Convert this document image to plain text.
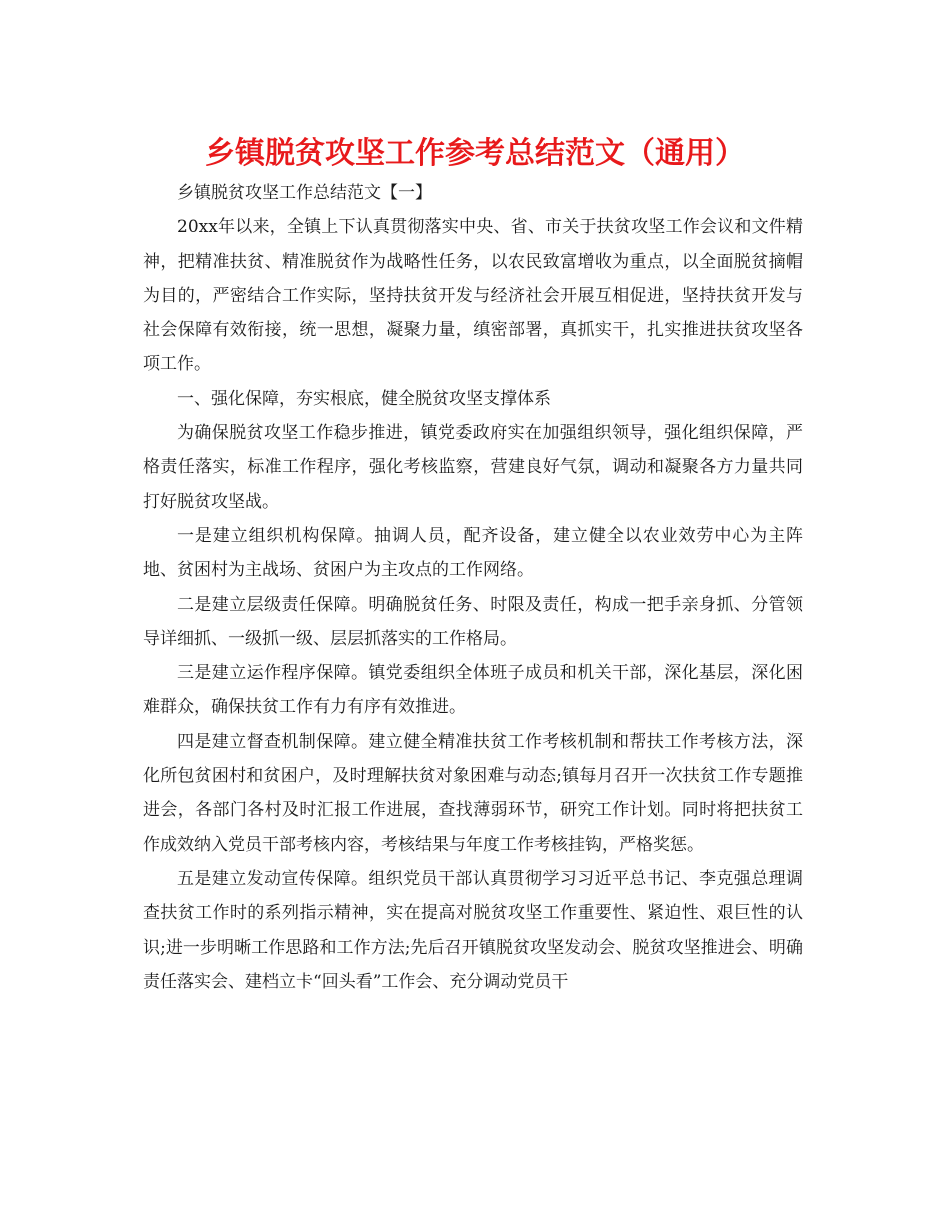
乡镇脱贫攻坚工作参考总结范文（通用）

乡镇脱贫攻坚工作总结范文【一】

20xx年以来，全镇上下认真贯彻落实中央、省、市关于扶贫攻坚工作会议和文件精神，把精准扶贫、精准脱贫作为战略性任务，以农民致富增收为重点，以全面脱贫摘帽为目的，严密结合工作实际，坚持扶贫开发与经济社会开展互相促进，坚持扶贫开发与社会保障有效衔接，统一思想，凝聚力量，缜密部署，真抓实干，扎实推进扶贫攻坚各项工作。

一、强化保障，夯实根底，健全脱贫攻坚支撑体系

为确保脱贫攻坚工作稳步推进，镇党委政府实在加强组织领导，强化组织保障，严格责任落实，标准工作程序，强化考核监察，营建良好气氛，调动和凝聚各方力量共同打好脱贫攻坚战。

一是建立组织机构保障。抽调人员，配齐设备，建立健全以农业效劳中心为主阵地、贫困村为主战场、贫困户为主攻点的工作网络。

二是建立层级责任保障。明确脱贫任务、时限及责任，构成一把手亲身抓、分管领导详细抓、一级抓一级、层层抓落实的工作格局。

三是建立运作程序保障。镇党委组织全体班子成员和机关干部，深化基层，深化困难群众，确保扶贫工作有力有序有效推进。

四是建立督查机制保障。建立健全精准扶贫工作考核机制和帮扶工作考核方法，深化所包贫困村和贫困户，及时理解扶贫对象困难与动态;镇每月召开一次扶贫工作专题推进会，各部门各村及时汇报工作进展，查找薄弱环节，研究工作计划。同时将把扶贫工作成效纳入党员干部考核内容，考核结果与年度工作考核挂钩，严格奖惩。

五是建立发动宣传保障。组织党员干部认真贯彻学习习近平总书记、李克强总理调查扶贫工作时的系列指示精神，实在提高对脱贫攻坚工作重要性、紧迫性、艰巨性的认识;进一步明晰工作思路和工作方法;先后召开镇脱贫攻坚发动会、脱贫攻坚推进会、明确责任落实会、建档立卡“回头看”工作会、充分调动党员干
